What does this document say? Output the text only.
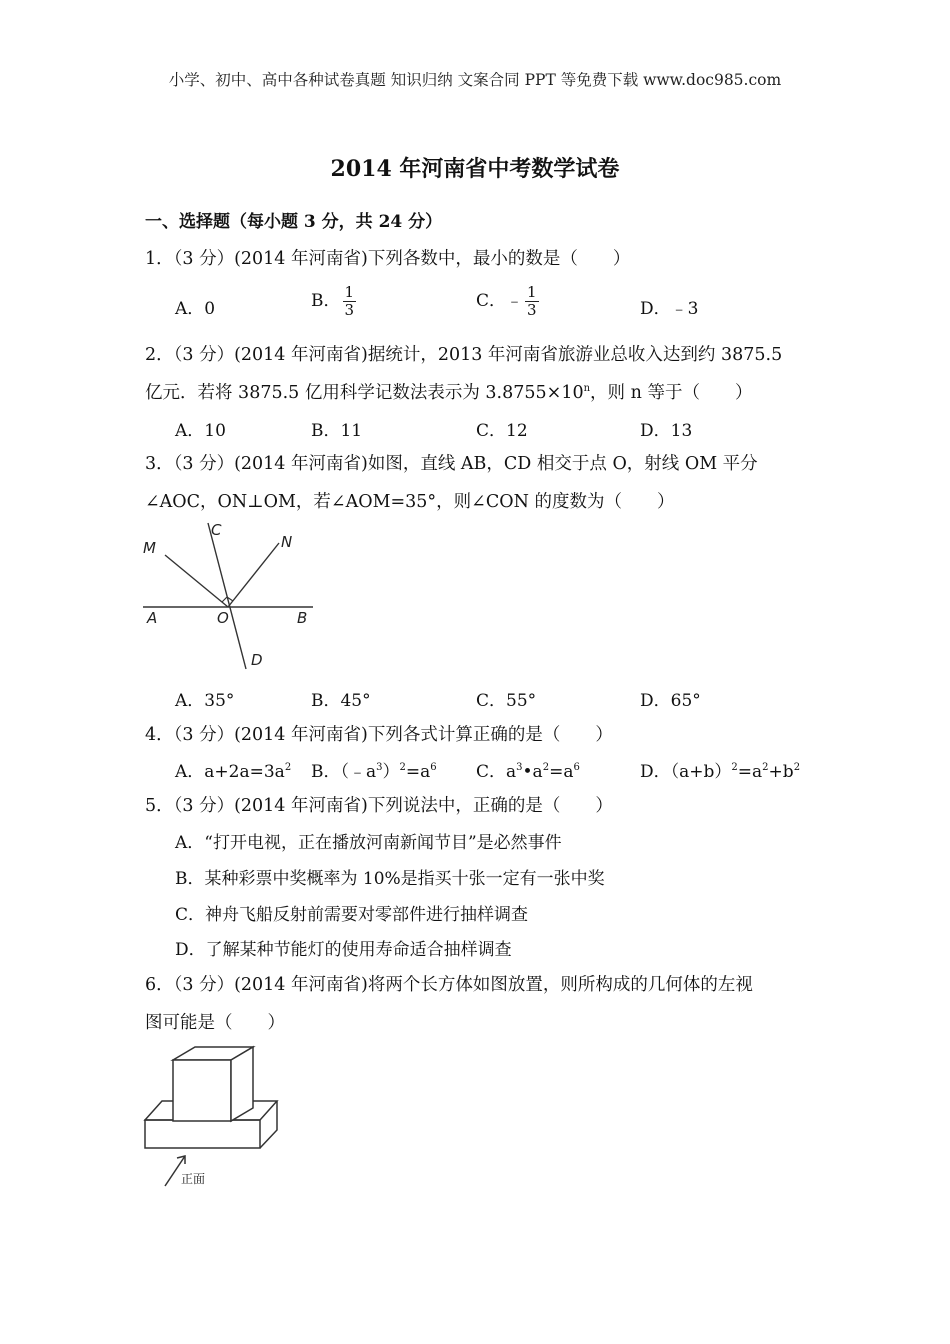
小学、初中、高中各种试卷真题 知识归纳 文案合同 PPT 等免费下载 www.doc985.com
2014 年河南省中考数学试卷
一、选择题（每小题 3 分，共 24 分）
1．（3 分）(2014 年河南省)下列各数中，最小的数是（　　）
A．0	B． $\frac{1}{3}$	C．﹣ $\frac{1}{3}$	D．﹣3
2．（3 分）(2014 年河南省)据统计，2013 年河南省旅游业总收入达到约 3875.5
亿元．若将 3875.5 亿用科学记数法表示为 $3.8755\times 10^n$，则 n 等于（　　）
A．10	B．11	C．12	D．13
3．（3 分）(2014 年河南省)如图，直线 AB，CD 相交于点 O，射线 OM 平分
∠AOC，ON⊥OM，若∠AOM=35°，则∠CON 的度数为（　　）
M
C
N
A	O	B
D
A．35°	B．45°	C．55°	D．65°
4．（3 分）(2014 年河南省)下列各式计算正确的是（　　）
A．$a+2a=3a^2$ B．$(﹣a^3)^2=a^6$ C．$a^3•a^2=a^6$	D．$(a+b)^2=a^2+b^2$
5．（3 分）(2014 年河南省)下列说法中，正确的是（　　）
A．“打开电视，正在播放河南新闻节目”是必然事件
B．某种彩票中奖概率为 10%是指买十张一定有一张中奖
C．神舟飞船反射前需要对零部件进行抽样调查
D．了解某种节能灯的使用寿命适合抽样调查
6．（3 分）(2014 年河南省)将两个长方体如图放置，则所构成的几何体的左视
图可能是（　　）
正面
